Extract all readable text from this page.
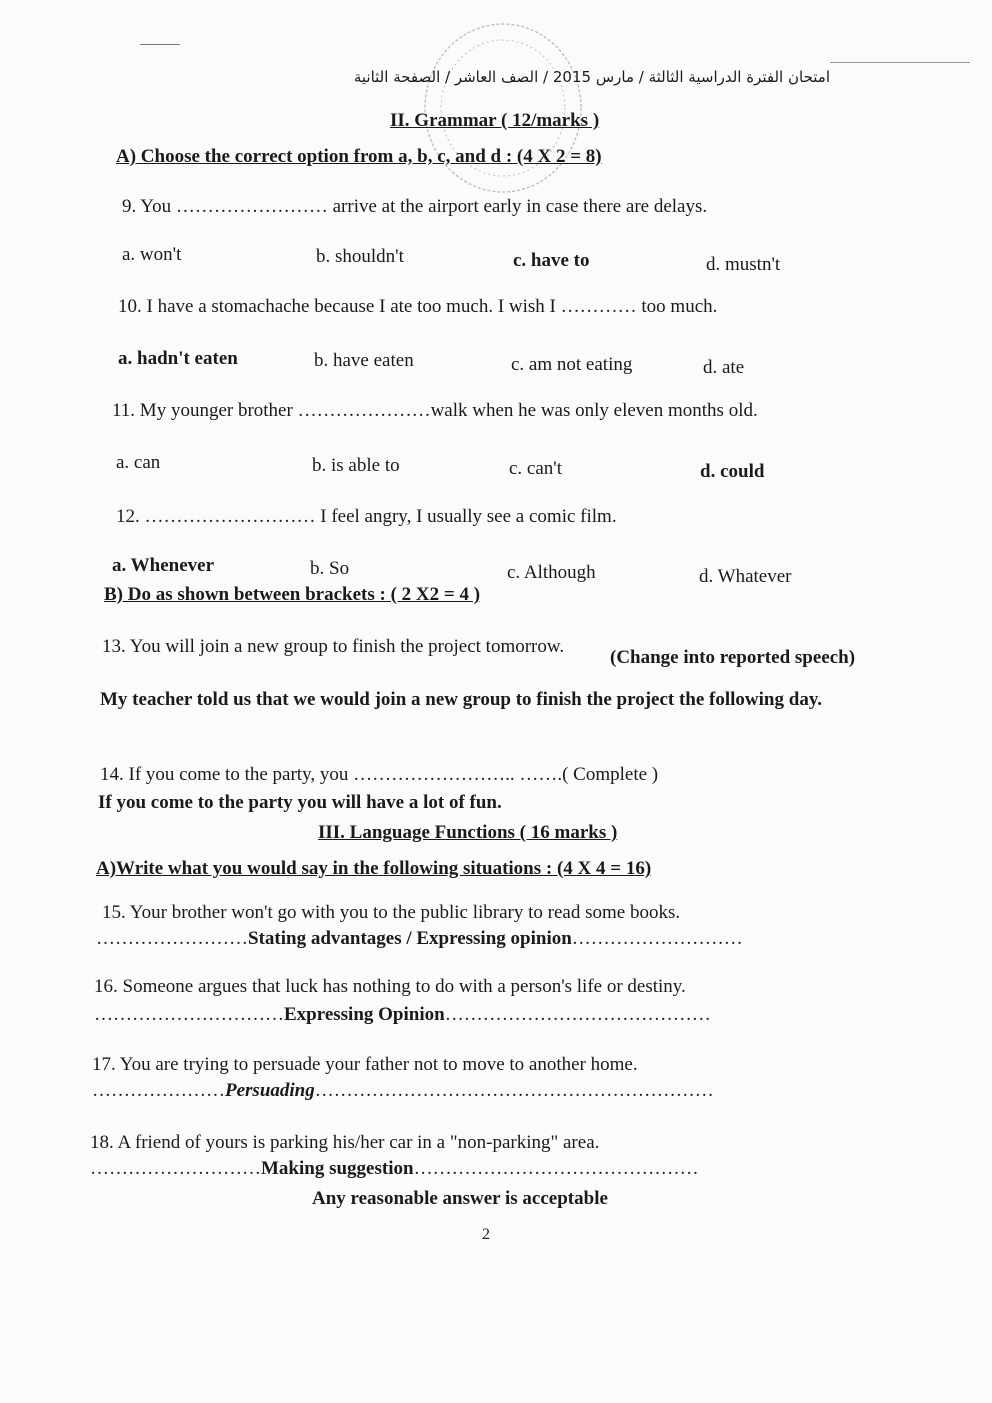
امتحان الفترة الدراسية الثالثة / مارس 2015 / الصف العاشر / الصفحة الثانية
II. Grammar ( 12/marks )
A) Choose the correct option from a, b, c, and d : (4 X 2 = 8)
9. You …………………… arrive at the airport early in case there are delays.
a. won't	b. shouldn't	c. have to	d. mustn't
10. I have a stomachache because I ate too much. I wish I ………… too much.
a. hadn't eaten	b. have eaten	c. am not eating	d. ate
11. My younger brother …………………walk when he was only eleven months old.
a. can	b. is able to	c. can't	d. could
12. ……………………… I feel angry, I usually see a comic film.
a. Whenever	b. So	c. Although	d. Whatever
B) Do as shown between brackets : ( 2 X2 = 4 )
13. You will join a new group to finish the project tomorrow.
(Change into reported speech)
My teacher told us that we would join a new group to finish the project the following day.
14. If you come to the party, you …………………….. …….( Complete )
If you come to the party you will have a lot of fun.
III. Language Functions ( 16 marks )
A)Write what you would say in the following situations : (4 X 4 = 16)
15. Your brother won't go with you to the public library to read some books.
……………………Stating advantages / Expressing opinion………………………
16. Someone argues that luck has nothing to do with a person's life or destiny.
…………………………Expressing Opinion……………………………………
17. You are trying to persuade your father not to move to another home.
…………………Persuading………………………………………………………
18. A friend of yours is parking his/her car in a "non-parking" area.
………………………Making suggestion………………………………………
Any reasonable answer is acceptable
2
